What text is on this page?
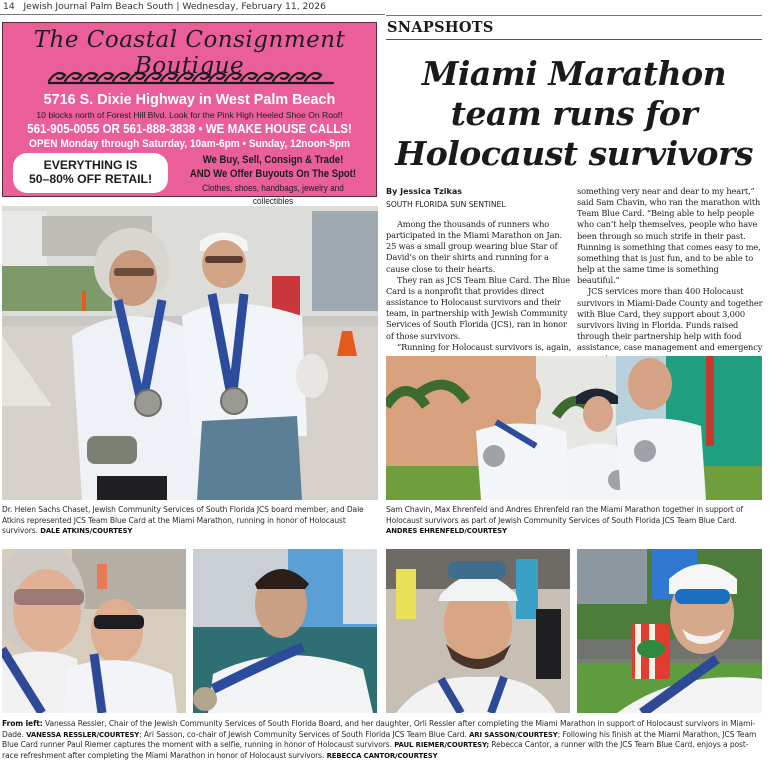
14 Jewish Journal Palm Beach South | Wednesday, February 11, 2026
The Coastal Consignment Boutique
5716 S. Dixie Highway in West Palm Beach
10 blocks north of Forest Hill Blvd. Look for the Pink High Heeled Shoe On Roof!
561-905-0055 OR 561-888-3838 • WE MAKE HOUSE CALLS!
OPEN Monday through Saturday, 10am-6pm • Sunday, 12noon-5pm
EVERYTHING IS
50–80% OFF RETAIL!
We Buy, Sell, Consign & Trade!
AND We Offer Buyouts On The Spot!
Clothes, shoes, handbags, jewelry and collectibles
SNAPSHOTS
Miami Marathon team runs for Holocaust survivors
By Jessica Tzikas
SOUTH FLORIDA SUN SENTINEL

Among the thousands of runners who participated in the Miami Marathon on Jan. 25 was a small group wearing blue Star of David’s on their shirts and running for a cause close to their hearts.

They ran as JCS Team Blue Card. The Blue Card is a nonprofit that provides direct assistance to Holocaust survivors and their team, in partnership with Jewish Community Services of South Florida (JCS), ran in honor of those survivors.

“Running for Holocaust survivors is, again,

something very near and dear to my heart,” said Sam Chavin, who ran the marathon with Team Blue Card. “Being able to help people who can’t help themselves, people who have been through so much strife in their past. Running is something that comes easy to me, something that is just fun, and to be able to help at the same time is something beautiful.”

JCS services more than 400 Holocaust survivors in Miami-Dade County and together with Blue Card, they support about 3,000 survivors living in Florida. Funds raised through their partnership help with food assistance, case management and emergency

Dr. Helen Sachs Chaset, Jewish Community Services of South Florida JCS board member, and Dale Atkins represented JCS Team Blue Card at the Miami Marathon, running in honor of Holocaust survivors. DALE ATKINS/COURTESY
Sam Chavin, Max Ehrenfeld and Andres Ehrenfeld ran the Miami Marathon together in support of Holocaust survivors as part of Jewish Community Services of South Florida JCS Team Blue Card. ANDRES EHRENFELD/COURTESY
From left: Vanessa Ressler, Chair of the Jewish Community Services of South Florida Board, and her daughter, Orli Ressler after completing the Miami Marathon in support of Holocaust survivors in Miami-Dade. VANESSA RESSLER/COURTESY; Ari Sasson, co-chair of Jewish Community Services of South Florida JCS Team Blue Card. ARI SASSON/COURTESY; Following his finish at the Miami Marathon, JCS Team Blue Card runner Paul Riemer captures the moment with a selfie, running in honor of Holocaust survivors. PAUL RIEMER/COURTESY; Rebecca Cantor, a runner with the JCS Team Blue Card, enjoys a post-race refreshment after completing the Miami Marathon in honor of Holocaust survivors. REBECCA CANTOR/COURTESY
